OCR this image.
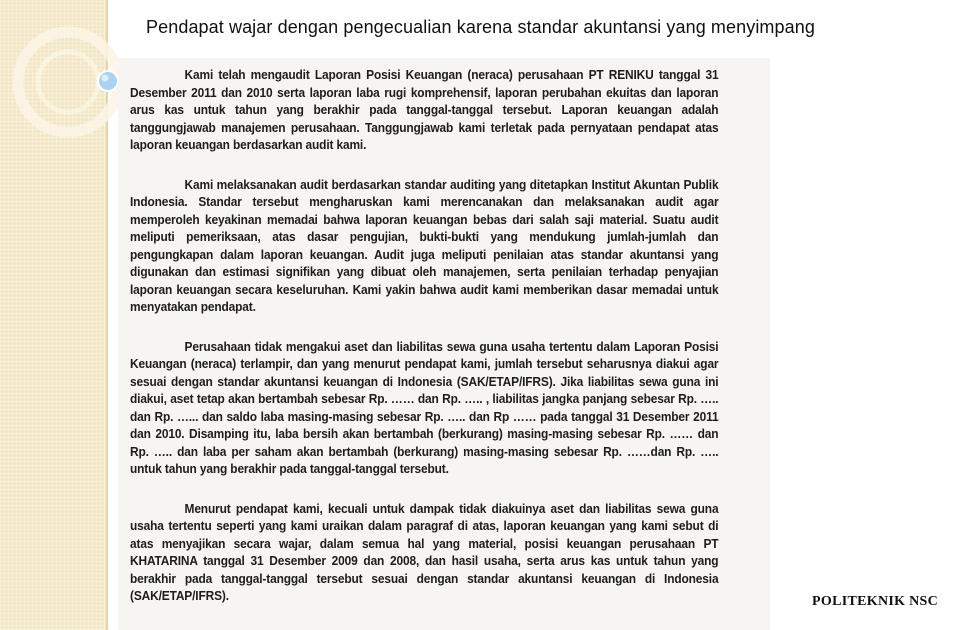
Pendapat wajar dengan pengecualian karena standar akuntansi yang menyimpang

Kami telah mengaudit Laporan Posisi Keuangan (neraca) perusahaan PT RENIKU tanggal 31 Desember 2011 dan 2010 serta laporan laba rugi komprehensif, laporan perubahan ekuitas dan laporan arus kas untuk tahun yang berakhir pada tanggal-tanggal tersebut. Laporan keuangan adalah tanggungjawab manajemen perusahaan. Tanggungjawab kami terletak pada pernyataan pendapat atas laporan keuangan berdasarkan audit kami.

Kami melaksanakan audit berdasarkan standar auditing yang ditetapkan Institut Akuntan Publik Indonesia. Standar tersebut mengharuskan kami merencanakan dan melaksanakan audit agar memperoleh keyakinan memadai bahwa laporan keuangan bebas dari salah saji material. Suatu audit meliputi pemeriksaan, atas dasar pengujian, bukti-bukti yang mendukung jumlah-jumlah dan pengungkapan dalam laporan keuangan. Audit juga meliputi penilaian atas standar akuntansi yang digunakan dan estimasi signifikan yang dibuat oleh manajemen, serta penilaian terhadap penyajian laporan keuangan secara keseluruhan. Kami yakin bahwa audit kami memberikan dasar memadai untuk menyatakan pendapat.

Perusahaan tidak mengakui aset dan liabilitas sewa guna usaha tertentu dalam Laporan Posisi Keuangan (neraca) terlampir, dan yang menurut pendapat kami, jumlah tersebut seharusnya diakui agar sesuai dengan standar akuntansi keuangan di Indonesia (SAK/ETAP/IFRS). Jika liabilitas sewa guna ini diakui, aset tetap akan bertambah sebesar Rp. …… dan Rp. ….. , liabilitas jangka panjang sebesar Rp. ….. dan Rp. …... dan saldo laba masing-masing sebesar Rp. ….. dan Rp …… pada tanggal 31 Desember 2011 dan 2010. Disamping itu, laba bersih akan bertambah (berkurang) masing-masing sebesar Rp. …… dan Rp. ….. dan laba per saham akan bertambah (berkurang) masing-masing sebesar Rp. ……dan Rp. ….. untuk tahun yang berakhir pada tanggal-tanggal tersebut.

Menurut pendapat kami, kecuali untuk dampak tidak diakuinya aset dan liabilitas sewa guna usaha tertentu seperti yang kami uraikan dalam paragraf di atas, laporan keuangan yang kami sebut di atas menyajikan secara wajar, dalam semua hal yang material, posisi keuangan perusahaan PT KHATARINA tanggal 31 Desember 2009 dan 2008, dan hasil usaha, serta arus kas untuk tahun yang berakhir pada tanggal-tanggal tersebut sesuai dengan standar akuntansi keuangan di Indonesia (SAK/ETAP/IFRS).	POLITEKNIK NSC
